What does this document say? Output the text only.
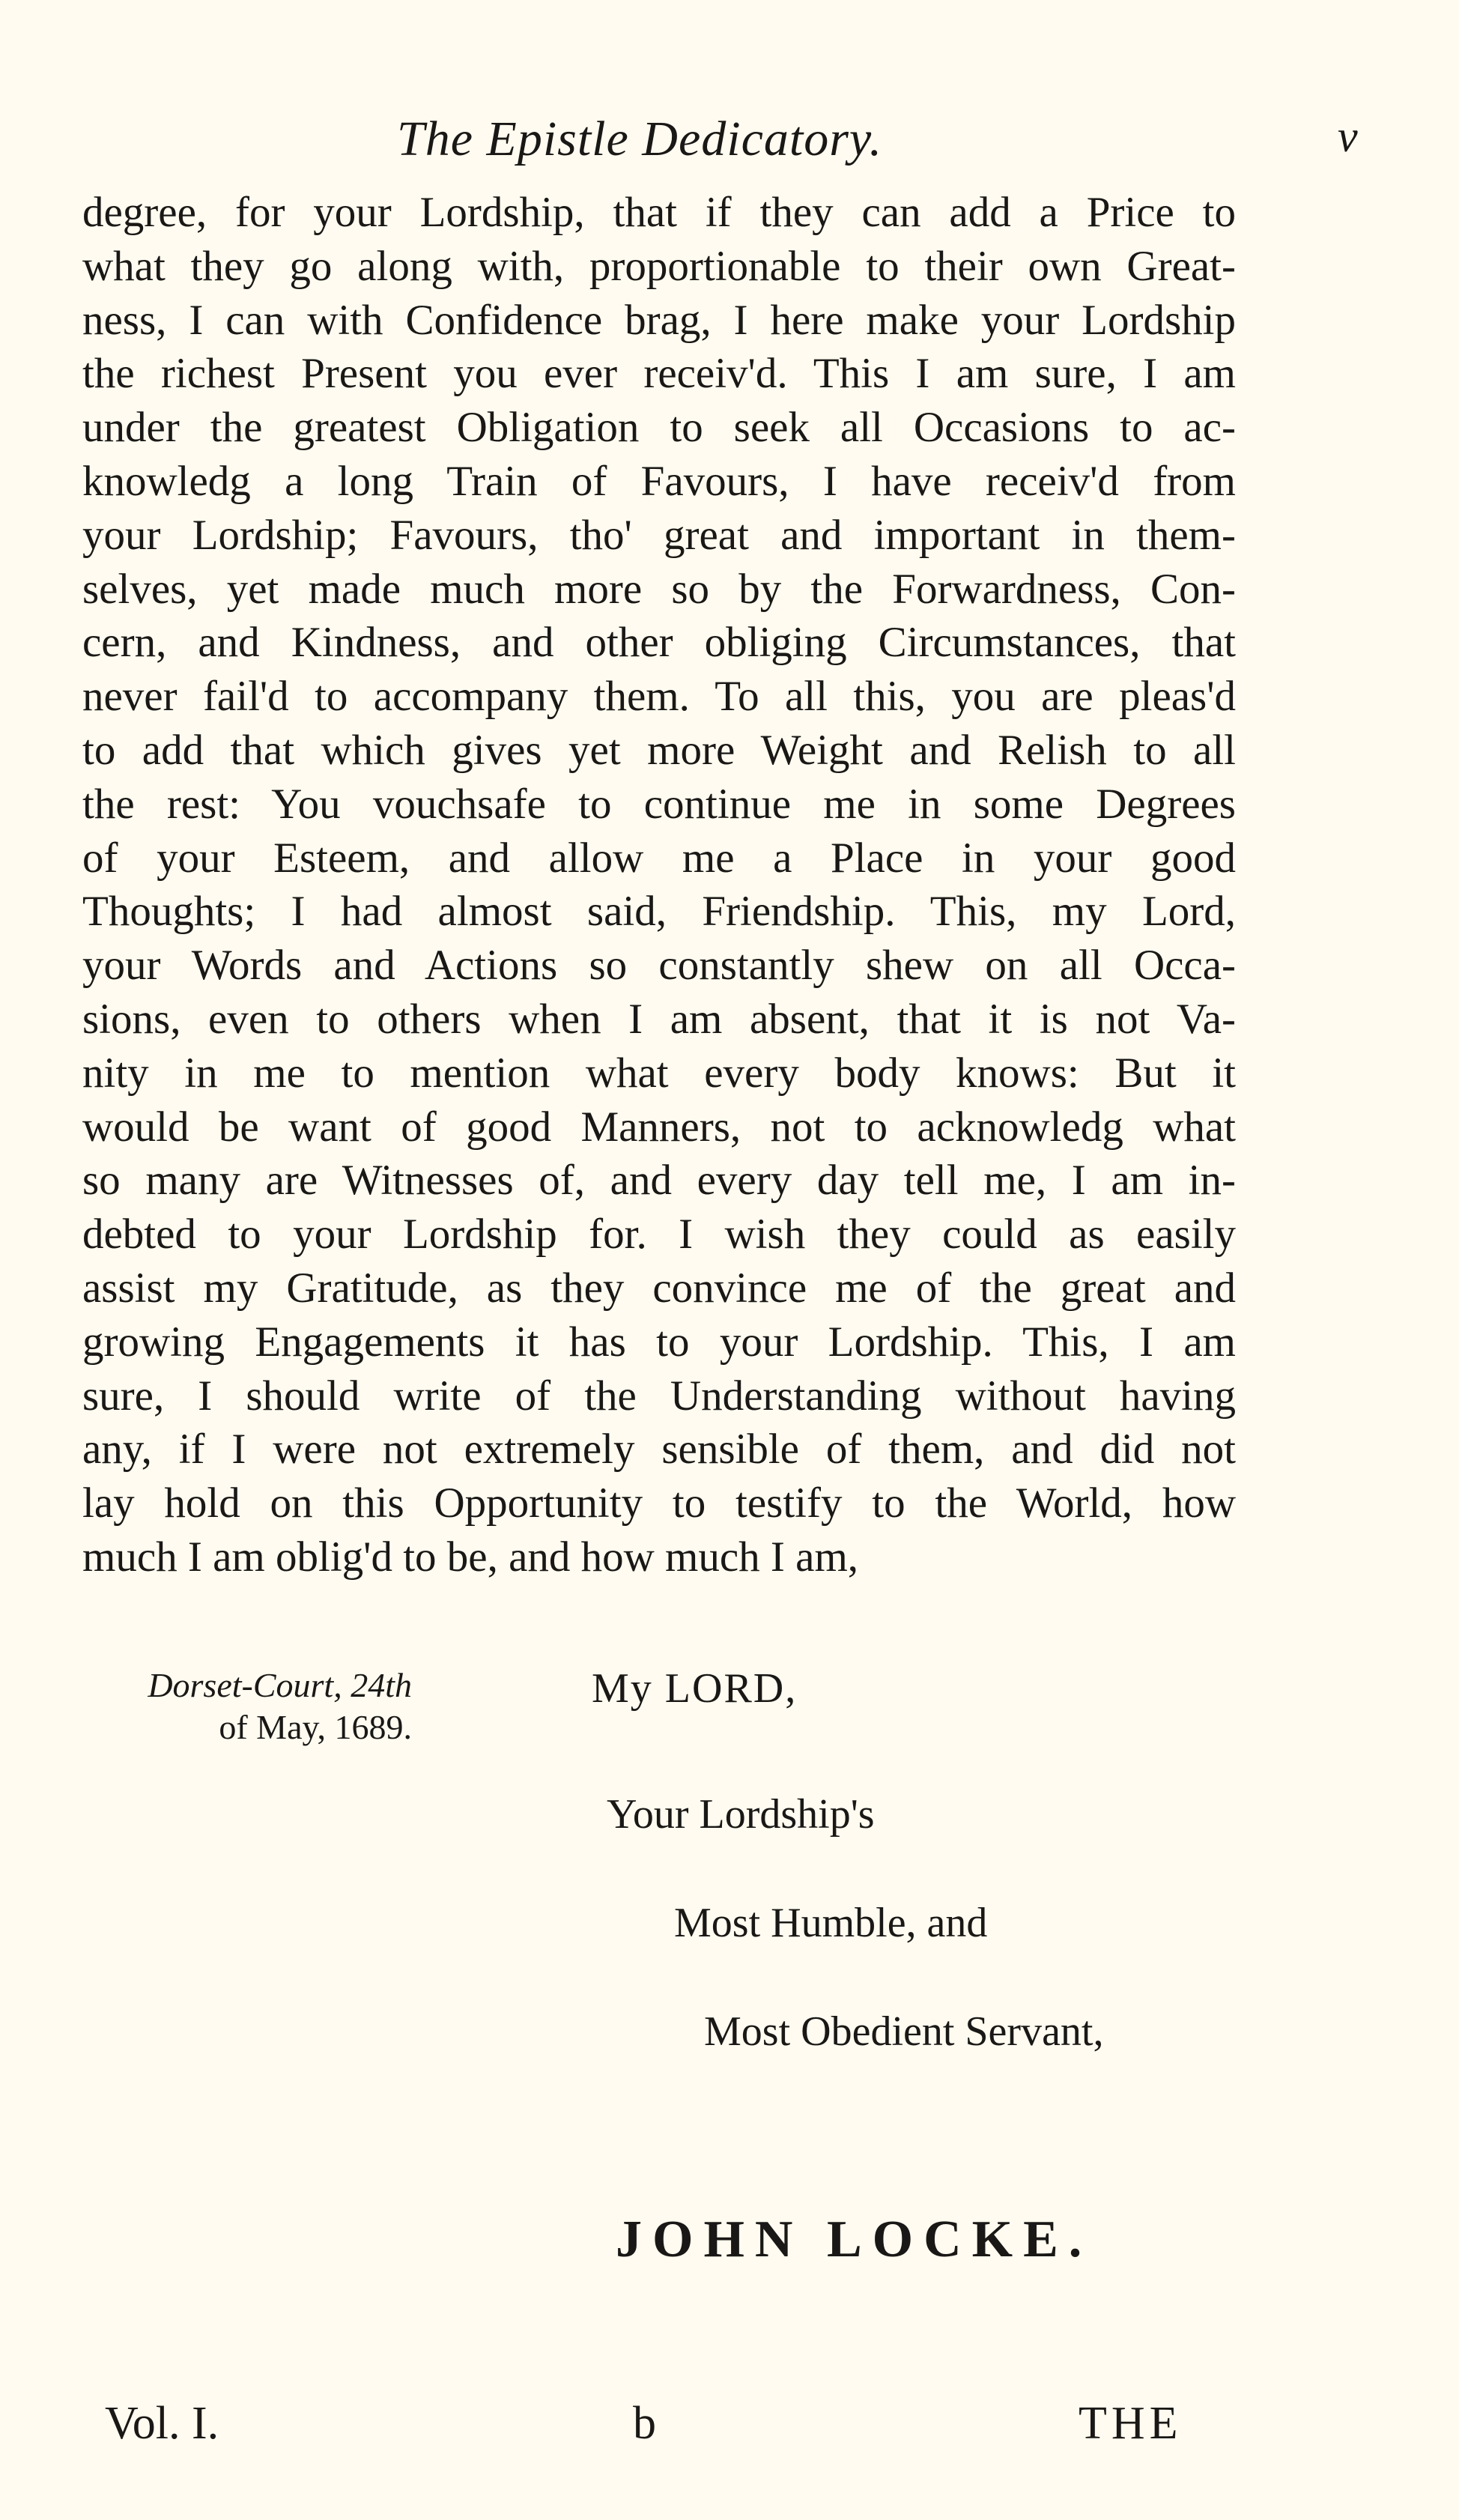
The Epistle Dedicatory.	v
degree, for your Lordship, that if they can add a Price to
what they go along with, proportionable to their own Great-
ness, I can with Confidence brag, I here make your Lordship
the richest Present you ever receiv'd. This I am sure, I am
under the greatest Obligation to seek all Occasions to ac-
knowledg a long Train of Favours, I have receiv'd from
your Lordship; Favours, tho' great and important in them-
selves, yet made much more so by the Forwardness, Con-
cern, and Kindness, and other obliging Circumstances, that
never fail'd to accompany them. To all this, you are pleas'd
to add that which gives yet more Weight and Relish to all
the rest: You vouchsafe to continue me in some Degrees
of your Esteem, and allow me a Place in your good
Thoughts; I had almost said, Friendship. This, my Lord,
your Words and Actions so constantly shew on all Occa-
sions, even to others when I am absent, that it is not Va-
nity in me to mention what every body knows: But it
would be want of good Manners, not to acknowledg what
so many are Witnesses of, and every day tell me, I am in-
debted to your Lordship for. I wish they could as easily
assist my Gratitude, as they convince me of the great and
growing Engagements it has to your Lordship. This, I am
sure, I should write of the Understanding without having
any, if I were not extremely sensible of them, and did not
lay hold on this Opportunity to testify to the World, how
much I am oblig'd to be, and how much I am,
Dorset-Court, 24th
of May, 1689.
My LORD,
Your Lordship's
Most Humble, and
Most Obedient Servant,
JOHN LOCKE.
Vol. I.	b	THE
